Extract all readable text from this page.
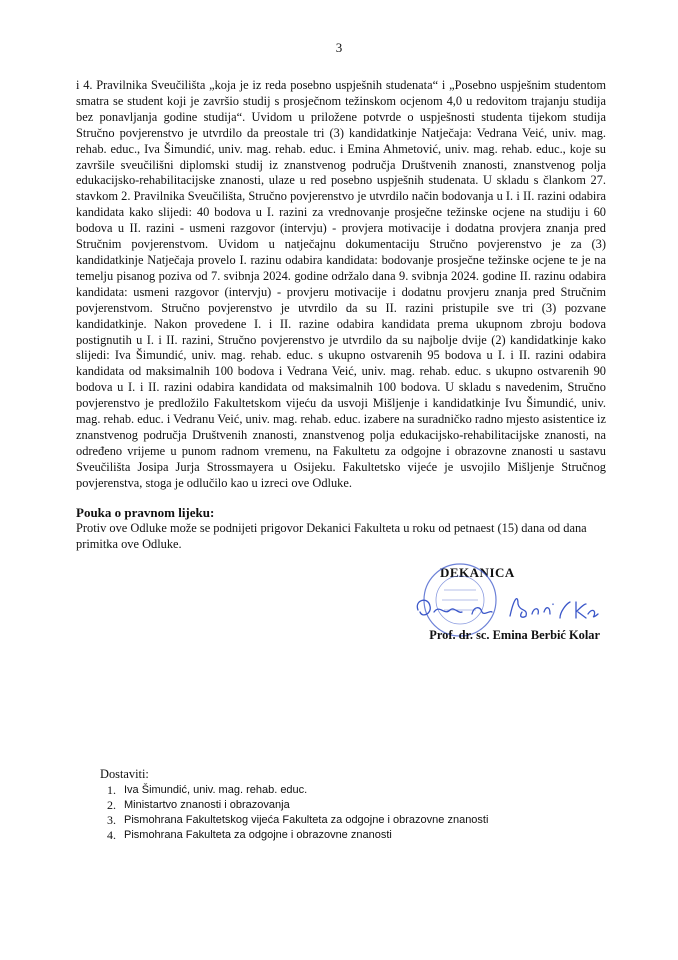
3
i 4. Pravilnika Sveučilišta „koja je iz reda posebno uspješnih studenata“ i „Posebno uspješnim studentom smatra se student koji je završio studij s prosječnom težinskom ocjenom 4,0 u redovitom trajanju studija bez ponavljanja godine studija“. Uvidom u priložene potvrde o uspješnosti studenta tijekom studija Stručno povjerenstvo je utvrdilo da preostale tri (3) kandidatkinje Natječaja: Vedrana Veić, univ. mag. rehab. educ., Iva Šimundić, univ. mag. rehab. educ. i Emina Ahmetović, univ. mag. rehab. educ., koje su završile sveučilišni diplomski studij iz znanstvenog područja Društvenih znanosti, znanstvenog polja edukacijsko-rehabilitacijske znanosti, ulaze u red posebno uspješnih studenata. U skladu s člankom 27. stavkom 2. Pravilnika Sveučilišta, Stručno povjerenstvo je utvrdilo način bodovanja u I. i II. razini odabira kandidata kako slijedi: 40 bodova u I. razini za vrednovanje prosječne težinske ocjene na studiju i 60 bodova u II. razini - usmeni razgovor (intervju) - provjera motivacije i dodatna provjera znanja pred Stručnim povjerenstvom. Uvidom u natječajnu dokumentaciju Stručno povjerenstvo je za (3) kandidatkinje Natječaja provelo I. razinu odabira kandidata: bodovanje prosječne težinske ocjene te je na temelju pisanog poziva od 7. svibnja 2024. godine održalo dana 9. svibnja 2024. godine II. razinu odabira kandidata: usmeni razgovor (intervju) - provjeru motivacije i dodatnu provjeru znanja pred Stručnim povjerenstvom. Stručno povjerenstvo je utvrdilo da su II. razini pristupile sve tri (3) pozvane kandidatkinje. Nakon provedene I. i II. razine odabira kandidata prema ukupnom zbroju bodova postignutih u I. i II. razini, Stručno povjerenstvo je utvrdilo da su najbolje dvije (2) kandidatkinje kako slijedi: Iva Šimundić, univ. mag. rehab. educ. s ukupno ostvarenih 95 bodova u I. i II. razini odabira kandidata od maksimalnih 100 bodova i Vedrana Veić, univ. mag. rehab. educ. s ukupno ostvarenih 90 bodova u I. i II. razini odabira kandidata od maksimalnih 100 bodova. U skladu s navedenim, Stručno povjerenstvo je predložilo Fakultetskom vijeću da usvoji Mišljenje i kandidatkinje Ivu Šimundić, univ. mag. rehab. educ. i Vedranu Veić, univ. mag. rehab. educ. izabere na suradničko radno mjesto asistentice iz znanstvenog područja Društvenih znanosti, znanstvenog polja edukacijsko-rehabilitacijske znanosti, na određeno vrijeme u punom radnom vremenu, na Fakultetu za odgojne i obrazovne znanosti u sastavu Sveučilišta Josipa Jurja Strossmayera u Osijeku. Fakultetsko vijeće je usvojilo Mišljenje Stručnog povjerenstva, stoga je odlučilo kao u izreci ove Odluke.
Pouka o pravnom lijeku:
Protiv ove Odluke može se podnijeti prigovor Dekanici Fakulteta u roku od petnaest (15) dana od dana primitka ove Odluke.
DEKANICA
Prof. dr. sc. Emina Berbić Kolar
Dostaviti:
1. Iva Šimundić, univ. mag. rehab. educ.
2. Ministartvo znanosti i obrazovanja
3. Pismohrana Fakultetskog vijeća Fakulteta za odgojne i obrazovne znanosti
4. Pismohrana Fakulteta za odgojne i obrazovne znanosti
